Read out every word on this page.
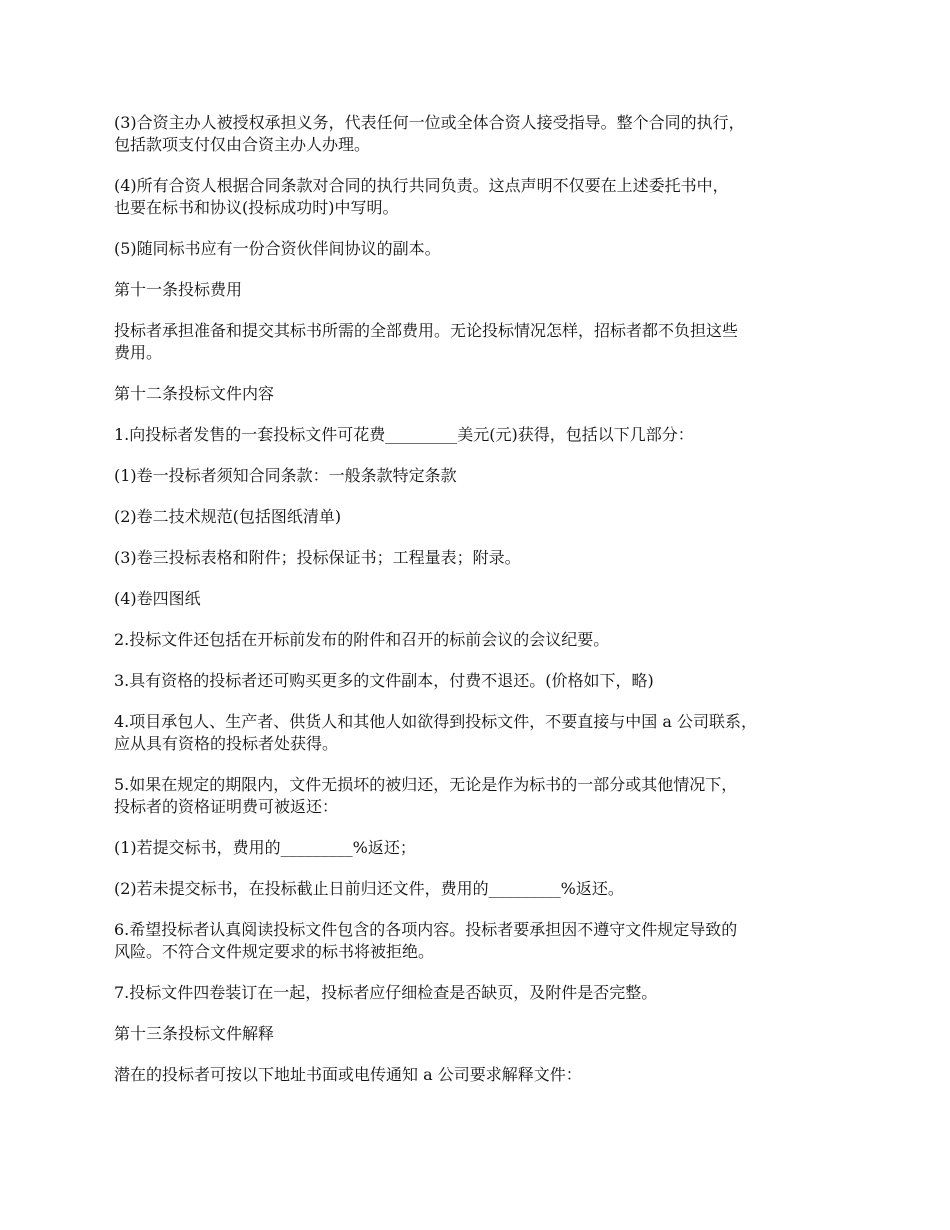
(3)合资主办人被授权承担义务，代表任何一位或全体合资人接受指导。整个合同的执行，
包括款项支付仅由合资主办人办理。

(4)所有合资人根据合同条款对合同的执行共同负责。这点声明不仅要在上述委托书中，
也要在标书和协议(投标成功时)中写明。

(5)随同标书应有一份合资伙伴间协议的副本。

第十一条投标费用

投标者承担准备和提交其标书所需的全部费用。无论投标情况怎样，招标者都不负担这些
费用。

第十二条投标文件内容

1.向投标者发售的一套投标文件可花费_________美元(元)获得，包括以下几部分：

(1)卷一投标者须知合同条款：一般条款特定条款

(2)卷二技术规范(包括图纸清单)

(3)卷三投标表格和附件；投标保证书；工程量表；附录。

(4)卷四图纸

2.投标文件还包括在开标前发布的附件和召开的标前会议的会议纪要。

3.具有资格的投标者还可购买更多的文件副本，付费不退还。(价格如下，略)

4.项目承包人、生产者、供货人和其他人如欲得到投标文件，不要直接与中国 a 公司联系，
应从具有资格的投标者处获得。

5.如果在规定的期限内，文件无损坏的被归还，无论是作为标书的一部分或其他情况下，
投标者的资格证明费可被返还：

(1)若提交标书，费用的_________%返还；

(2)若未提交标书，在投标截止日前归还文件，费用的_________%返还。

6.希望投标者认真阅读投标文件包含的各项内容。投标者要承担因不遵守文件规定导致的
风险。不符合文件规定要求的标书将被拒绝。

7.投标文件四卷装订在一起，投标者应仔细检查是否缺页，及附件是否完整。

第十三条投标文件解释

潜在的投标者可按以下地址书面或电传通知 a 公司要求解释文件：
